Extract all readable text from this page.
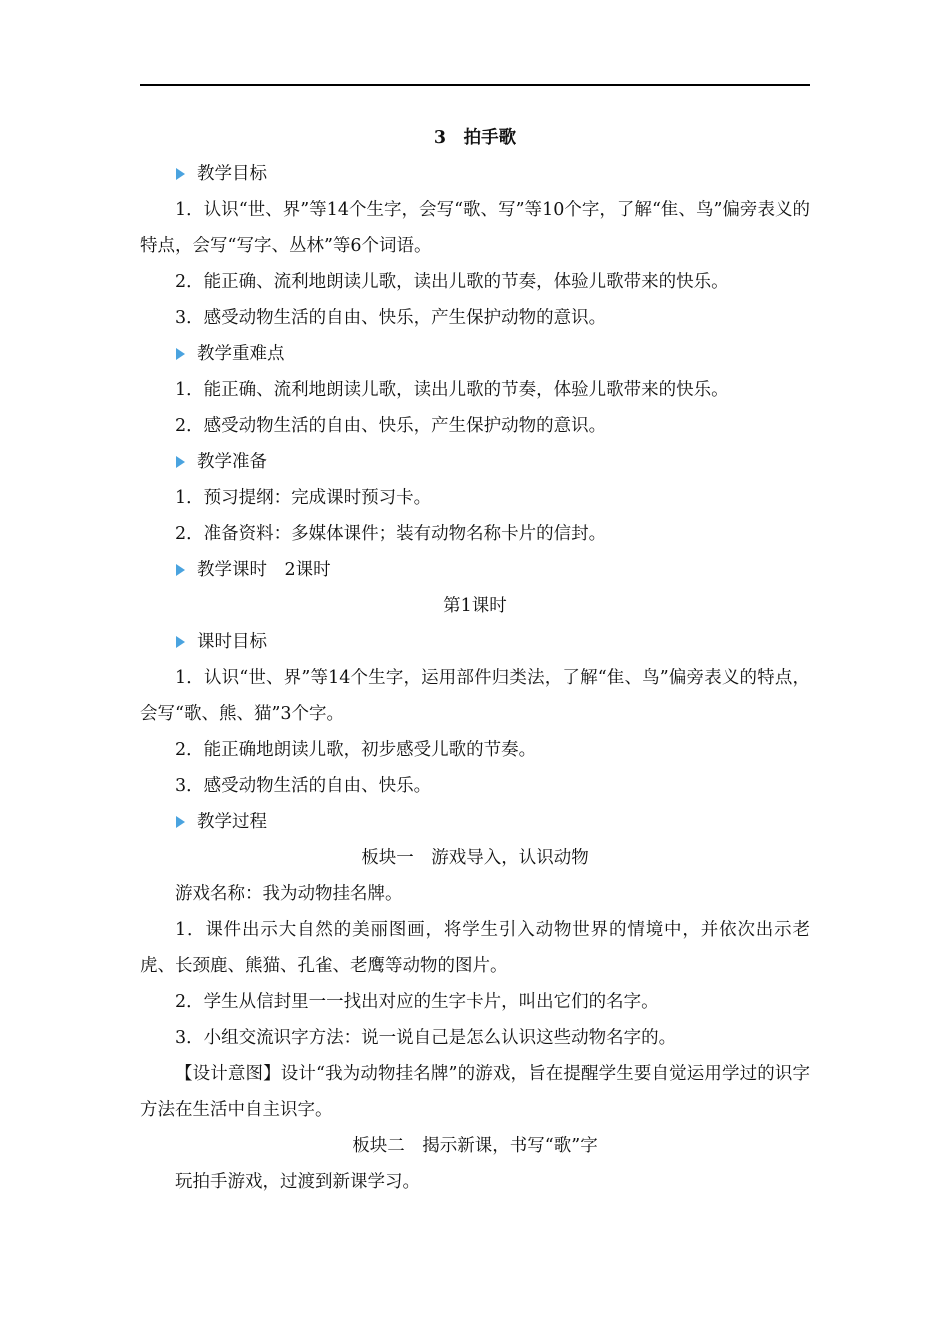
3　拍手歌
教学目标
1．认识“世、界”等14个生字，会写“歌、写”等10个字，了解“隹、鸟”偏旁表义的特点，会写“写字、丛林”等6个词语。
2．能正确、流利地朗读儿歌，读出儿歌的节奏，体验儿歌带来的快乐。
3．感受动物生活的自由、快乐，产生保护动物的意识。
教学重难点
1．能正确、流利地朗读儿歌，读出儿歌的节奏，体验儿歌带来的快乐。
2．感受动物生活的自由、快乐，产生保护动物的意识。
教学准备
1．预习提纲：完成课时预习卡。
2．准备资料：多媒体课件；装有动物名称卡片的信封。
教学课时　2课时
第1课时
课时目标
1．认识“世、界”等14个生字，运用部件归类法，了解“隹、鸟”偏旁表义的特点，会写“歌、熊、猫”3个字。
2．能正确地朗读儿歌，初步感受儿歌的节奏。
3．感受动物生活的自由、快乐。
教学过程
板块一　游戏导入，认识动物
游戏名称：我为动物挂名牌。
1．课件出示大自然的美丽图画，将学生引入动物世界的情境中，并依次出示老虎、长颈鹿、熊猫、孔雀、老鹰等动物的图片。
2．学生从信封里一一找出对应的生字卡片，叫出它们的名字。
3．小组交流识字方法：说一说自己是怎么认识这些动物名字的。
【设计意图】设计“我为动物挂名牌”的游戏，旨在提醒学生要自觉运用学过的识字方法在生活中自主识字。
板块二　揭示新课，书写“歌”字
玩拍手游戏，过渡到新课学习。
